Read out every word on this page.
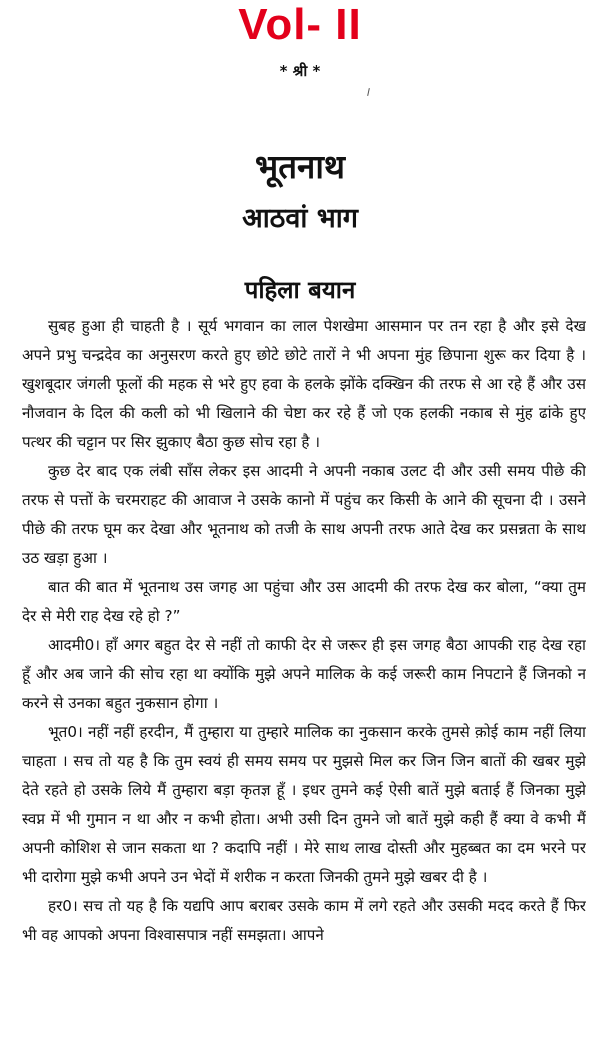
Vol- II
* श्री *
भूतनाथ
आठवां भाग
पहिला बयान

सुबह हुआ ही चाहती है । सूर्य भगवान का लाल पेशखेमा आसमान पर तन रहा है और इसे देख अपने प्रभु चन्द्रदेव का अनुसरण करते हुए छोटे छोटे तारों ने भी अपना मुंह छिपाना शुरू कर दिया है । खुशबूदार जंगली फूलों की महक से भरे हुए हवा के हलके झोंके दक्खिन की तरफ से आ रहे हैं और उस नौजवान के दिल की कली को भी खिलाने की चेष्टा कर रहे हैं जो एक हलकी नकाब से मुंह ढांके हुए पत्थर की चट्टान पर सिर झुकाए बैठा कुछ सोच रहा है ।

कुछ देर बाद एक लंबी साँस लेकर इस आदमी ने अपनी नकाब उलट दी और उसी समय पीछे की तरफ से पत्तों के चरमराहट की आवाज ने उसके कानो में पहुंच कर किसी के आने की सूचना दी । उसने पीछे की तरफ घूम कर देखा और भूतनाथ को तजी के साथ अपनी तरफ आते देख कर प्रसन्नता के साथ उठ खड़ा हुआ ।

बात की बात में भूतनाथ उस जगह आ पहुंचा और उस आदमी की तरफ देख कर बोला, “क्या तुम देर से मेरी राह देख रहे हो ?”

आदमी0। हाँ अगर बहुत देर से नहीं तो काफी देर से जरूर ही इस जगह बैठा आपकी राह देख रहा हूँ और अब जाने की सोच रहा था क्योंकि मुझे अपने मालिक के कई जरूरी काम निपटाने हैं जिनको न करने से उनका बहुत नुकसान होगा ।

भूत0। नहीं नहीं हरदीन, मैं तुम्हारा या तुम्हारे मालिक का नुकसान करके तुमसे क़ोई काम नहीं लिया चाहता । सच तो यह है कि तुम स्वयं ही समय समय पर मुझसे मिल कर जिन जिन बातों की खबर मुझे देते रहते हो उसके लिये मैं तुम्हारा बड़ा कृतज्ञ हूँ । इधर तुमने कई ऐसी बातें मुझे बताई हैं जिनका मुझे स्वप्न में भी गुमान न था और न कभी होता। अभी उसी दिन तुमने जो बातें मुझे कही हैं क्या वे कभी मैं अपनी कोशिश से जान सकता था ? कदापि नहीं । मेरे साथ लाख दोस्ती और मुहब्बत का दम भरने पर भी दारोगा मुझे कभी अपने उन भेदों में शरीक न करता जिनकी तुमने मुझे खबर दी है ।

हर0। सच तो यह है कि यद्यपि आप बराबर उसके काम में लगे रहते और उसकी मदद करते हैं फिर भी वह आपको अपना विश्वासपात्र नहीं समझता। आपने
